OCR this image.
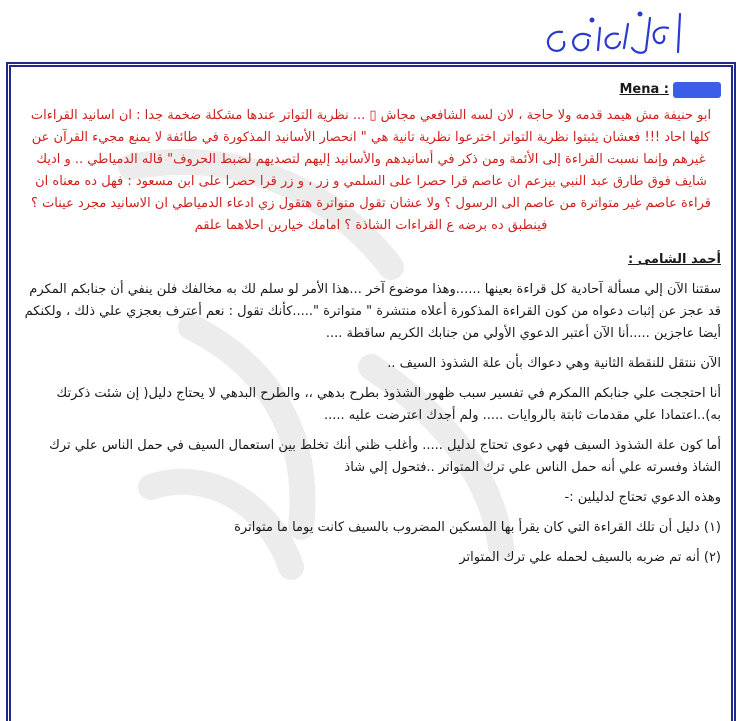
: Mena
ابو حنيفة مش هيمد قدمه ولا حاجة ، لان لسه الشافعي مجاش ▯ ... نظرية التواتر عندها مشكلة ضخمة جدا : ان اسانيد القراءات كلها احاد !!! فعشان يثبتوا نظرية التواتر اخترعوا نظرية تانية هي " انحصار الأسانيد المذكورة في طائفة لا يمنع مجيء القرآن عن غيرهم وإنما نسبت القراءة إلى الأئمة ومن ذكر في أسانيدهم والأسانيد إليهم لتصديهم لضبط الحروف" قاله الدمياطي .. و اديك شايف فوق طارق عبد النبي بيزعم ان عاصم قرا حصرا على السلمي و زر ، و زر قرا حصرا على ابن مسعود : فهل ده معناه ان قراءة عاصم غير متواترة من عاصم الى الرسول ؟ ولا عشان تقول متواترة هتقول زي ادعاء الدمياطي ان الاسانيد مجرد عينات ؟ فينطبق ده برضه ع القراءات الشاذة ؟ امامك خيارين احلاهما علقم
أحمد الشامى :
سقتنا الآن إلي مسألة آحادية كل قراءة بعينها ......وهذا موضوع آخر ...هذا الأمر لو سلم لك به مخالفك فلن ينفي أن جنابكم المكرم قد عجز عن إثبات دعواه من كون القراءة المذكورة أعلاه منتشرة " متواترة ".....كأنك تقول : نعم أعترف بعجزي علي ذلك ، ولكنكم أيضا عاجزين .....أنا الآن أعتبر الدعوي الأولي من جنابك الكريم ساقطة ....
الآن ننتقل للنقطة الثانية وهي دعواك بأن علة الشذوذ السيف ..
أنا احتججت علي جنابكم االمكرم في تفسير سبب ظهور الشذوذ بطرح بدهي ،، والطرح البدهي لا يحتاج دليل( إن شئت ذكرتك به)..اعتمادا علي مقدمات ثابتة بالروايات ..... ولم أجدك اعترضت عليه .....
أما كون علة الشذوذ السيف فهي دعوى تحتاج لدليل ..... وأغلب ظني أنك تخلط بين استعمال السيف في حمل الناس علي ترك الشاذ وفسرته علي أنه حمل الناس علي ترك المتواتر ..فتحول إلي شاذ
وهذه الدعوي تحتاج لدليلين :-
(١) دليل أن تلك القراءة التي كان يقرأ بها المسكين المضروب بالسيف كانت يوما ما متواترة
(٢) أنه تم ضربه بالسيف لحمله علي ترك المتواتر
